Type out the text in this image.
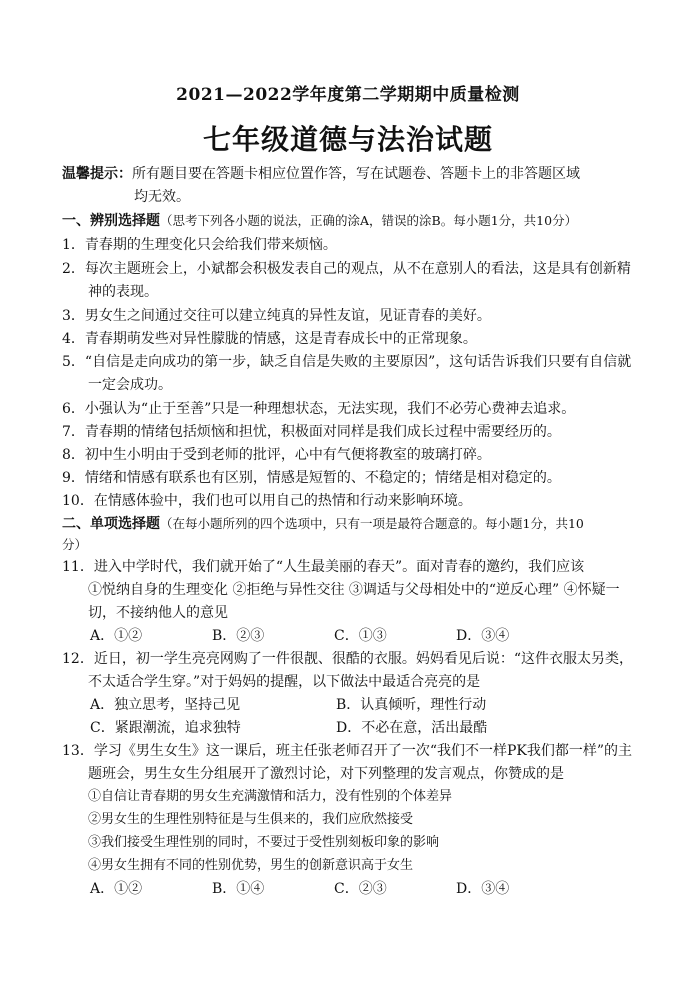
2021—2022学年度第二学期期中质量检测
七年级道德与法治试题
温馨提示：所有题目要在答题卡相应位置作答，写在试题卷、答题卡上的非答题区域
均无效。
一、辨别选择题（思考下列各小题的说法，正确的涂A，错误的涂B。每小题1分，共10分）
1．青春期的生理变化只会给我们带来烦恼。
2．每次主题班会上，小斌都会积极发表自己的观点，从不在意别人的看法，这是具有创新精
神的表现。
3．男女生之间通过交往可以建立纯真的异性友谊，见证青春的美好。
4．青春期萌发些对异性朦胧的情感，这是青春成长中的正常现象。
5．“自信是走向成功的第一步，缺乏自信是失败的主要原因”，这句话告诉我们只要有自信就
一定会成功。
6．小强认为“止于至善”只是一种理想状态，无法实现，我们不必劳心费神去追求。
7．青春期的情绪包括烦恼和担忧，积极面对同样是我们成长过程中需要经历的。
8．初中生小明由于受到老师的批评，心中有气便将教室的玻璃打碎。
9．情绪和情感有联系也有区别，情感是短暂的、不稳定的；情绪是相对稳定的。
10．在情感体验中，我们也可以用自己的热情和行动来影响环境。
二、单项选择题（在每小题所列的四个选项中，只有一项是最符合题意的。每小题1分，共10
分）
11．进入中学时代，我们就开始了“人生最美丽的春天”。面对青春的邀约，我们应该
①悦纳自身的生理变化 ②拒绝与异性交往 ③调适与父母相处中的“逆反心理” ④怀疑一
切，不接纳他人的意见
A．①②	B．②③	C．①③	D．③④
12．近日，初一学生亮亮网购了一件很靓、很酷的衣服。妈妈看见后说：“这件衣服太另类，
不太适合学生穿。”对于妈妈的提醒，以下做法中最适合亮亮的是
A．独立思考，坚持己见	B．认真倾听，理性行动
C．紧跟潮流，追求独特	D．不必在意，活出最酷
13．学习《男生女生》这一课后，班主任张老师召开了一次“我们不一样PK我们都一样”的主
题班会，男生女生分组展开了激烈讨论，对下列整理的发言观点，你赞成的是
①自信让青春期的男女生充满激情和活力，没有性别的个体差异
②男女生的生理性别特征是与生俱来的，我们应欣然接受
③我们接受生理性别的同时，不要过于受性别刻板印象的影响
④男女生拥有不同的性别优势，男生的创新意识高于女生
A．①②	B．①④	C．②③	D．③④
